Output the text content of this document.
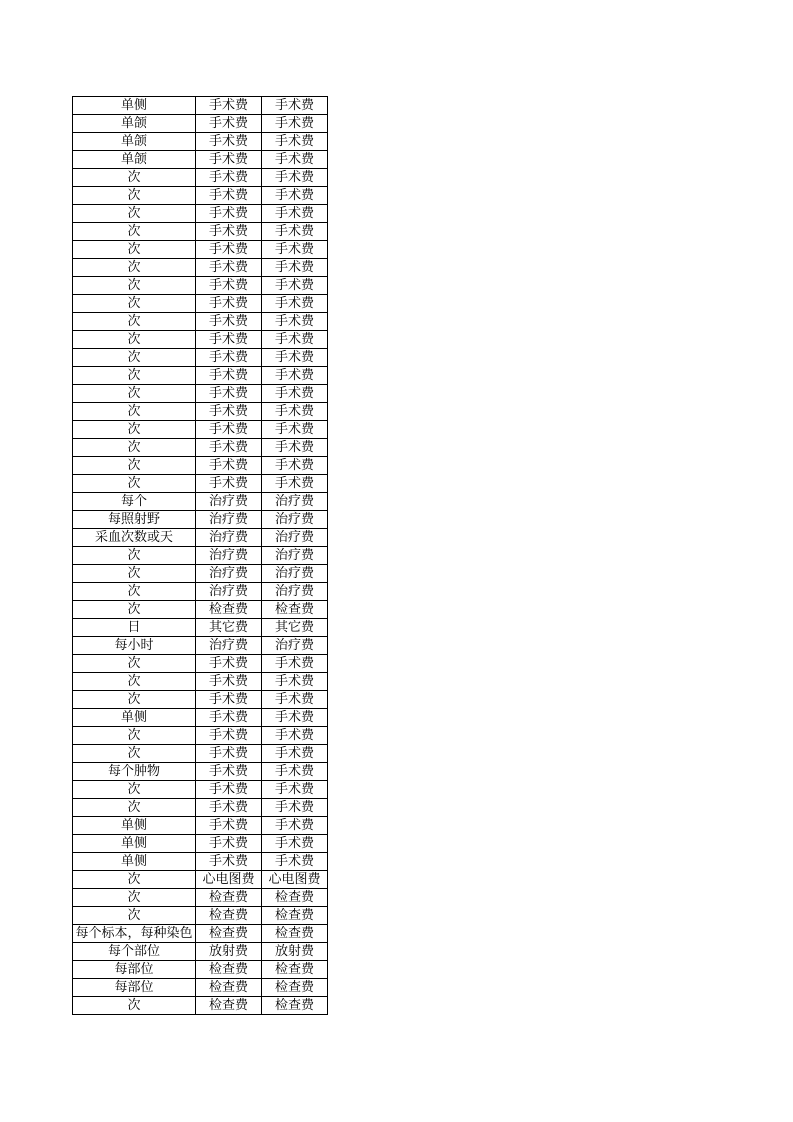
单侧	手术费	手术费
单颌	手术费	手术费
单颌	手术费	手术费
单颌	手术费	手术费
次	手术费	手术费
次	手术费	手术费
次	手术费	手术费
次	手术费	手术费
次	手术费	手术费
次	手术费	手术费
次	手术费	手术费
次	手术费	手术费
次	手术费	手术费
次	手术费	手术费
次	手术费	手术费
次	手术费	手术费
次	手术费	手术费
次	手术费	手术费
次	手术费	手术费
次	手术费	手术费
次	手术费	手术费
次	手术费	手术费
每个	治疗费	治疗费
每照射野	治疗费	治疗费
采血次数或天	治疗费	治疗费
次	治疗费	治疗费
次	治疗费	治疗费
次	治疗费	治疗费
次	检查费	检查费
日	其它费	其它费
每小时	治疗费	治疗费
次	手术费	手术费
次	手术费	手术费
次	手术费	手术费
单侧	手术费	手术费
次	手术费	手术费
次	手术费	手术费
每个肿物	手术费	手术费
次	手术费	手术费
次	手术费	手术费
单侧	手术费	手术费
单侧	手术费	手术费
单侧	手术费	手术费
次	心电图费	心电图费
次	检查费	检查费
次	检查费	检查费
每个标本，每种染色	检查费	检查费
每个部位	放射费	放射费
每部位	检查费	检查费
每部位	检查费	检查费
次	检查费	检查费
